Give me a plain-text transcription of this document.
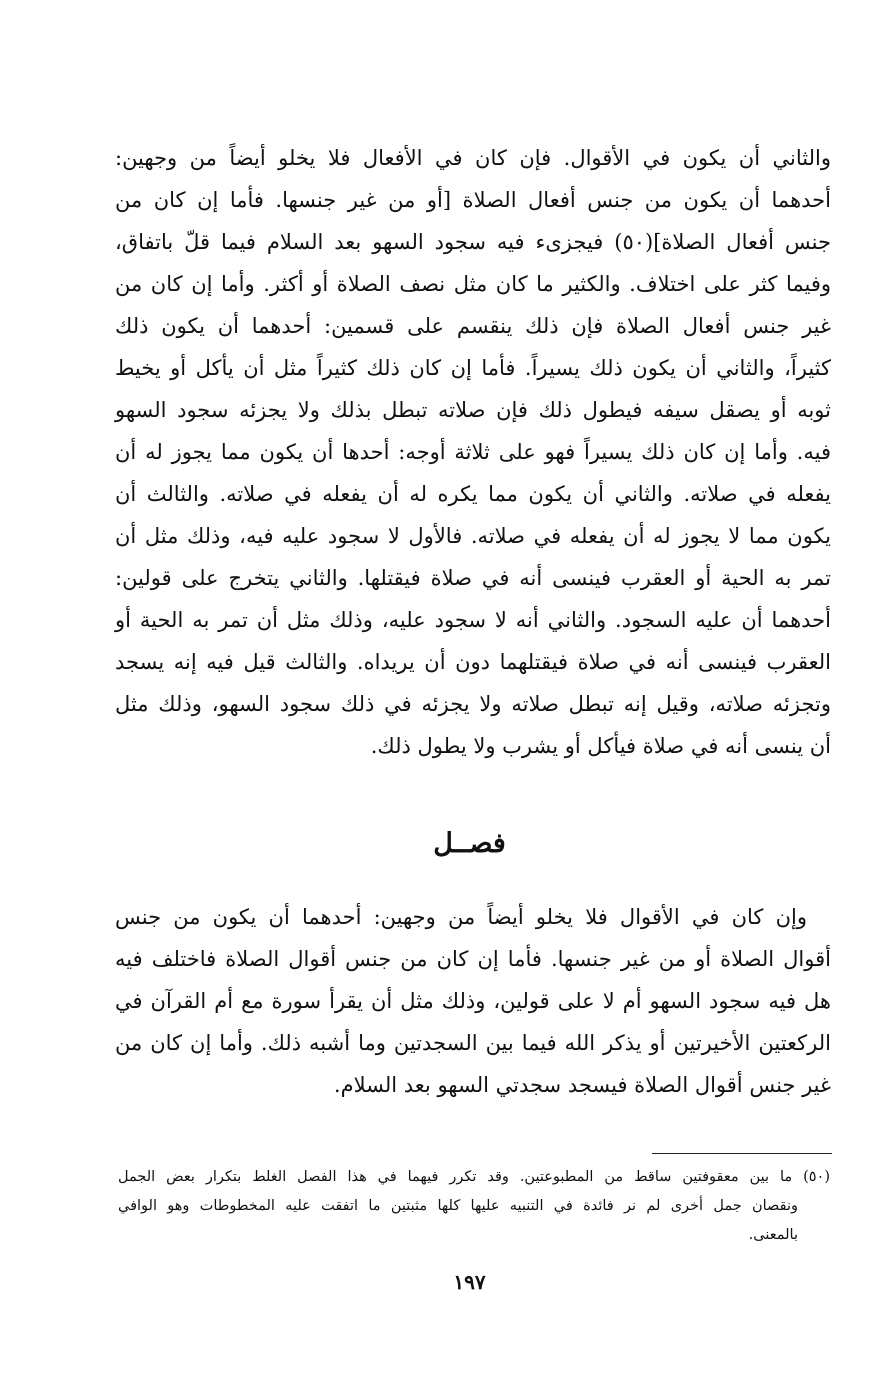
والثاني أن يكون في الأقوال. فإن كان في الأفعال فلا يخلو أيضاً من وجهين:
أحدهما أن يكون من جنس أفعال الصلاة [أو من غير جنسها. فأما إن كان من
جنس أفعال الصلاة](٥٠) فيجزىء فيه سجود السهو بعد السلام فيما قلّ باتفاق،
وفيما كثر على اختلاف. والكثير ما كان مثل نصف الصلاة أو أكثر. وأما إن كان من
غير جنس أفعال الصلاة فإن ذلك ينقسم على قسمين: أحدهما أن يكون ذلك
كثيراً، والثاني أن يكون ذلك يسيراً. فأما إن كان ذلك كثيراً مثل أن يأكل أو يخيط
ثوبه أو يصقل سيفه فيطول ذلك فإن صلاته تبطل بذلك ولا يجزئه سجود السهو
فيه. وأما إن كان ذلك يسيراً فهو على ثلاثة أوجه: أحدها أن يكون مما يجوز له أن
يفعله في صلاته. والثاني أن يكون مما يكره له أن يفعله في صلاته. والثالث أن
يكون مما لا يجوز له أن يفعله في صلاته. فالأول لا سجود عليه فيه، وذلك مثل أن
تمر به الحية أو العقرب فينسى أنه في صلاة فيقتلها. والثاني يتخرج على قولين:
أحدهما أن عليه السجود. والثاني أنه لا سجود عليه، وذلك مثل أن تمر به الحية أو
العقرب فينسى أنه في صلاة فيقتلهما دون أن يريداه. والثالث قيل فيه إنه يسجد
وتجزئه صلاته، وقيل إنه تبطل صلاته ولا يجزئه في ذلك سجود السهو، وذلك مثل
أن ينسى أنه في صلاة فيأكل أو يشرب ولا يطول ذلك.
فصــل
وإن كان في الأقوال فلا يخلو أيضاً من وجهين: أحدهما أن يكون من جنس
أقوال الصلاة أو من غير جنسها. فأما إن كان من جنس أقوال الصلاة فاختلف فيه
هل فيه سجود السهو أم لا على قولين، وذلك مثل أن يقرأ سورة مع أم القرآن في
الركعتين الأخيرتين أو يذكر الله فيما بين السجدتين وما أشبه ذلك. وأما إن كان من
غير جنس أقوال الصلاة فيسجد سجدتي السهو بعد السلام.
(٥٠) ما بين معقوفتين ساقط من المطبوعتين. وقد تكرر فيهما في هذا الفصل الغلط بتكرار بعض الجمل
ونقصان جمل أخرى لم نر فائدة في التنبيه عليها كلها مثبتين ما اتفقت عليه المخطوطات وهو الوافي
بالمعنى.
١٩٧
